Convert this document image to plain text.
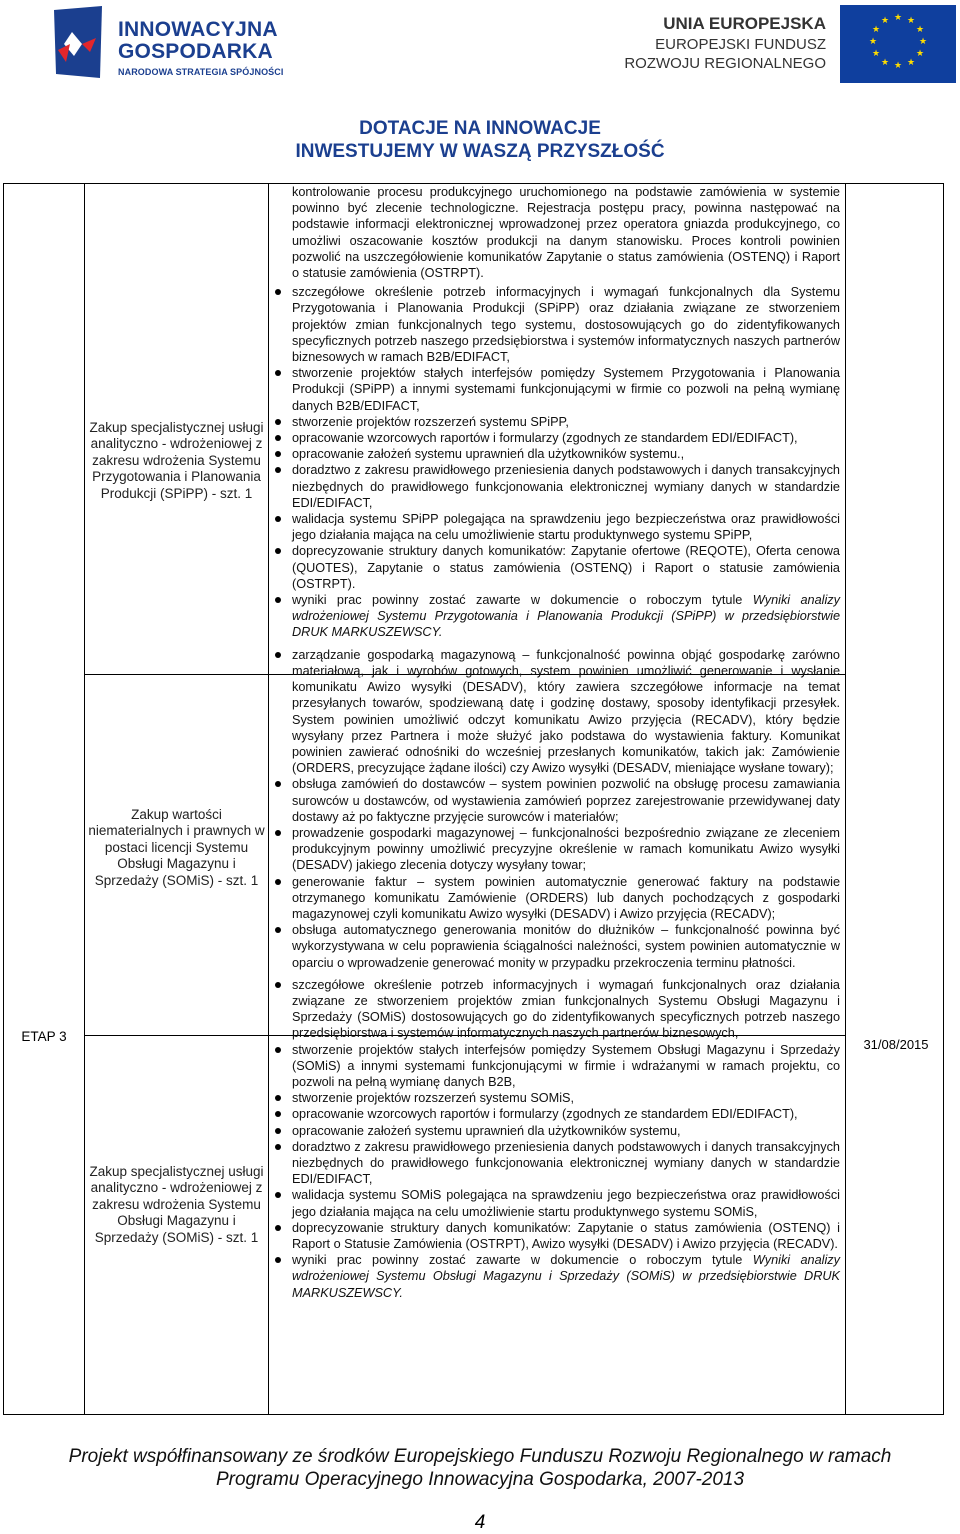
INNOWACYJNA
GOSPODARKA
NARODOWA STRATEGIA SPÓJNOŚCI
UNIA EUROPEJSKA
EUROPEJSKI FUNDUSZ
ROZWOJU REGIONALNEGO
★ ★
★
★
★
★
★
★
★
★
★
★
DOTACJE NA INNOWACJE
INWESTUJEMY W WASZĄ PRZYSZŁOŚĆ
ETAP 3
31/08/2015
Zakup specjalistycznej usługi analityczno - wdrożeniowej z zakresu wdrożenia Systemu Przygotowania i Planowania Produkcji (SPiPP) - szt. 1
Zakup wartości niematerialnych i prawnych w postaci licencji Systemu Obsługi Magazynu i Sprzedaży (SOMiS) - szt. 1
Zakup specjalistycznej usługi analityczno - wdrożeniowej z zakresu wdrożenia Systemu Obsługi Magazynu i Sprzedaży (SOMiS) - szt. 1

kontrolowanie procesu produkcyjnego uruchomionego na podstawie zamówienia w systemie powinno być zlecenie technologiczne. Rejestracja postępu pracy, powinna następować na podstawie informacji elektronicznej wprowadzonej przez operatora gniazda produkcyjnego, co umożliwi oszacowanie kosztów produkcji na danym stanowisku. Proces kontroli powinien pozwolić na uszczegółowienie komunikatów Zapytanie o status zamówienia (OSTENQ) i Raport o statusie zamówienia (OSTRPT).

szczegółowe określenie potrzeb informacyjnych i wymagań funkcjonalnych dla Systemu Przygotowania i Planowania Produkcji (SPiPP) oraz działania związane ze stworzeniem projektów zmian funkcjonalnych tego systemu, dostosowujących go do zidentyfikowanych specyficznych potrzeb naszego przedsiębiorstwa i systemów informatycznych naszych partnerów biznesowych w ramach B2B/EDIFACT,
stworzenie projektów stałych interfejsów pomiędzy Systemem Przygotowania i Planowania Produkcji (SPiPP) a innymi systemami funkcjonującymi w firmie co pozwoli na pełną wymianę danych B2B/EDIFACT,
stworzenie projektów rozszerzeń systemu SPiPP,
opracowanie wzorcowych raportów i formularzy (zgodnych ze standardem EDI/EDIFACT),
opracowanie założeń systemu uprawnień dla użytkowników systemu.,
doradztwo z zakresu prawidłowego przeniesienia danych podstawowych i danych transakcyjnych niezbędnych do prawidłowego funkcjonowania elektronicznej wymiany danych w standardzie EDI/EDIFACT,
walidacja systemu SPiPP polegająca na sprawdzeniu jego bezpieczeństwa oraz prawidłowości jego działania mająca na celu umożliwienie startu produktynwego systemu SPiPP,
doprecyzowanie struktury danych komunikatów: Zapytanie ofertowe (REQOTE), Oferta cenowa (QUOTES), Zapytanie o status zamówienia (OSTENQ) i Raport o statusie zamówienia (OSTRPT).
wyniki prac powinny zostać zawarte w dokumencie o roboczym tytule Wyniki analizy wdrożeniowej Systemu Przygotowania i Planowania Produkcji (SPiPP) w przedsiębiorstwie DRUK MARKUSZEWSCY.
zarządzanie gospodarką magazynową – funkcjonalność powinna objąć gospodarkę zarówno materiałową, jak i wyrobów gotowych, system powinien umożliwić generowanie i wysłanie komunikatu Awizo wysyłki (DESADV), który zawiera szczegółowe informacje na temat przesyłanych towarów, spodziewaną datę i godzinę dostawy, sposoby identyfikacji przesyłek. System powinien umożliwić odczyt komunikatu Awizo przyjęcia (RECADV), który będzie wysyłany przez Partnera i może służyć jako podstawa do wystawienia faktury. Komunikat powinien zawierać odnośniki do wcześniej przesłanych komunikatów, takich jak: Zamówienie (ORDERS, precyzujące żądane ilości) czy Awizo wysyłki (DESADV, mieniające wysłane towary);
obsługa zamówień do dostawców – system powinien pozwolić na obsługę procesu zamawiania surowców u dostawców, od wystawienia zamówień poprzez zarejestrowanie przewidywanej daty dostawy aż po faktyczne przyjęcie surowców i materiałów;
prowadzenie gospodarki magazynowej – funkcjonalności bezpośrednio związane ze zleceniem produkcyjnym powinny umożliwić precyzyjne określenie w ramach komunikatu Awizo wysyłki (DESADV) jakiego zlecenia dotyczy wysyłany towar;
generowanie faktur – system powinien automatycznie generować faktury na podstawie otrzymanego komunikatu Zamówienie (ORDERS) lub danych pochodzących z gospodarki magazynowej czyli komunikatu Awizo wysyłki (DESADV) i Awizo przyjęcia (RECADV);
obsługa automatycznego generowania monitów do dłużników – funkcjonalność powinna być wykorzystywana w celu poprawienia ściągalności należności, system powinien automatycznie w oparciu o wprowadzenie generować monity w przypadku przekroczenia terminu płatności.
szczegółowe określenie potrzeb informacyjnych i wymagań funkcjonalnych oraz działania związane ze stworzeniem projektów zmian funkcjonalnych Systemu Obsługi Magazynu i Sprzedaży (SOMiS) dostosowujących go do zidentyfikowanych specyficznych potrzeb naszego przedsiębiorstwa i systemów informatycznych naszych partnerów biznesowych,
stworzenie projektów stałych interfejsów pomiędzy Systemem Obsługi Magazynu i Sprzedaży (SOMiS) a innymi systemami funkcjonującymi w firmie i wdrażanymi w ramach projektu, co pozwoli na pełną wymianę danych B2B,
stworzenie projektów rozszerzeń systemu SOMiS,
opracowanie wzorcowych raportów i formularzy (zgodnych ze standardem EDI/EDIFACT),
opracowanie założeń systemu uprawnień dla użytkowników systemu,
doradztwo z zakresu prawidłowego przeniesienia danych podstawowych i danych transakcyjnych niezbędnych do prawidłowego funkcjonowania elektronicznej wymiany danych w standardzie EDI/EDIFACT,
walidacja systemu SOMiS polegająca na sprawdzeniu jego bezpieczeństwa oraz prawidłowości jego działania mająca na celu umożliwienie startu produktynwego systemu SOMiS,
doprecyzowanie struktury danych komunikatów: Zapytanie o status zamówienia (OSTENQ) i Raport o Statusie Zamówienia (OSTRPT), Awizo wysyłki (DESADV) i Awizo przyjęcia (RECADV).
wyniki prac powinny zostać zawarte w dokumencie o roboczym tytule Wyniki analizy wdrożeniowej Systemu Obsługi Magazynu i Sprzedaży (SOMiS) w przedsiębiorstwie DRUK MARKUSZEWSCY.
Projekt współfinansowany ze środków Europejskiego Funduszu Rozwoju Regionalnego w ramach
Programu Operacyjnego Innowacyjna Gospodarka, 2007-2013
4
